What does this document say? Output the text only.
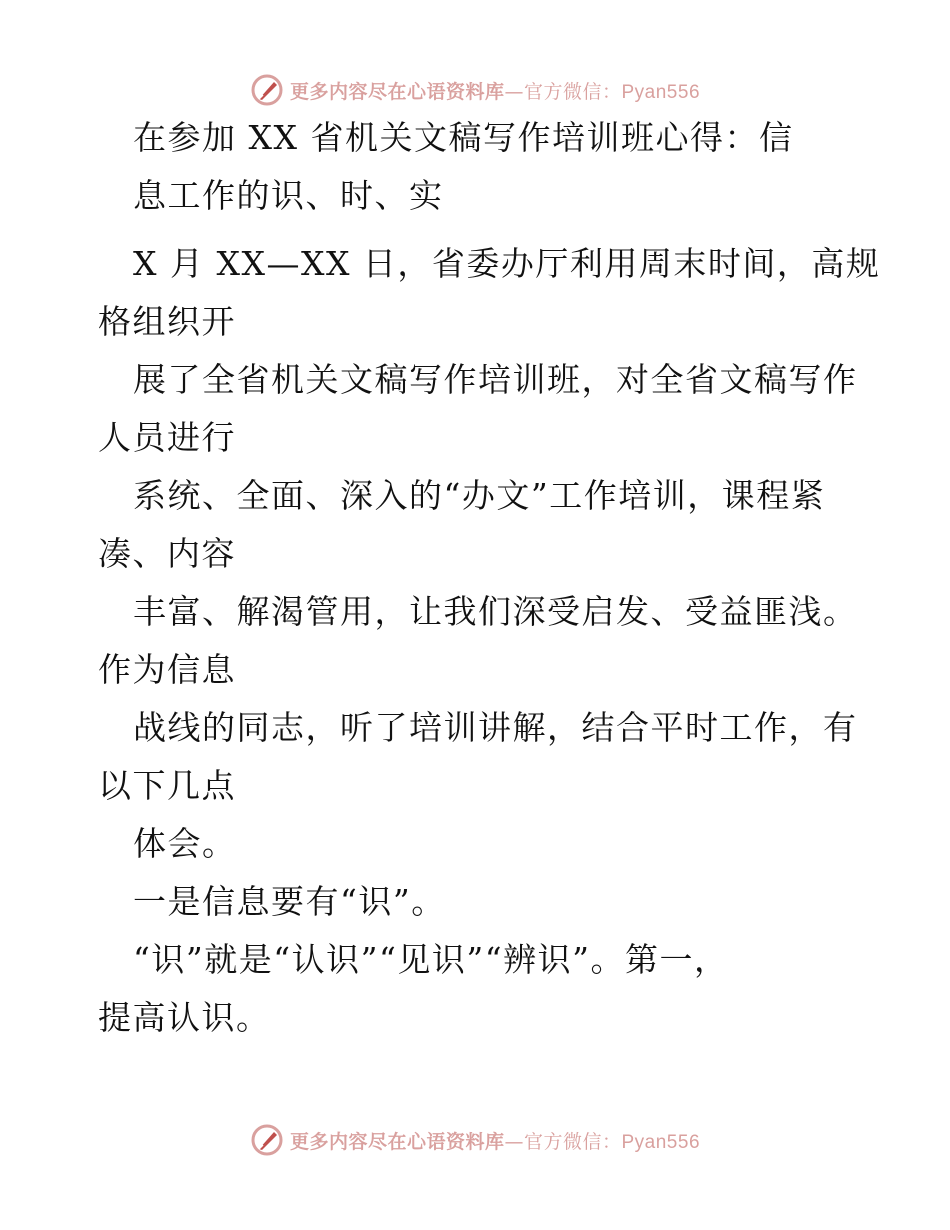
更多内容尽在心语资料库—官方微信：Pyan556
在参加 XX 省机关文稿写作培训班心得：信
息工作的识、时、实
X 月 XX—XX 日，省委办厅利用周末时间，高规
格组织开
展了全省机关文稿写作培训班，对全省文稿写作
人员进行
系统、全面、深入的“办文”工作培训，课程紧
凑、内容
丰富、解渴管用，让我们深受启发、受益匪浅。
作为信息
战线的同志，听了培训讲解，结合平时工作，有
以下几点
体会。
一是信息要有“识”。
“识”就是“认识”“见识”“辨识”。第一，
提高认识。
更多内容尽在心语资料库—官方微信：Pyan556
